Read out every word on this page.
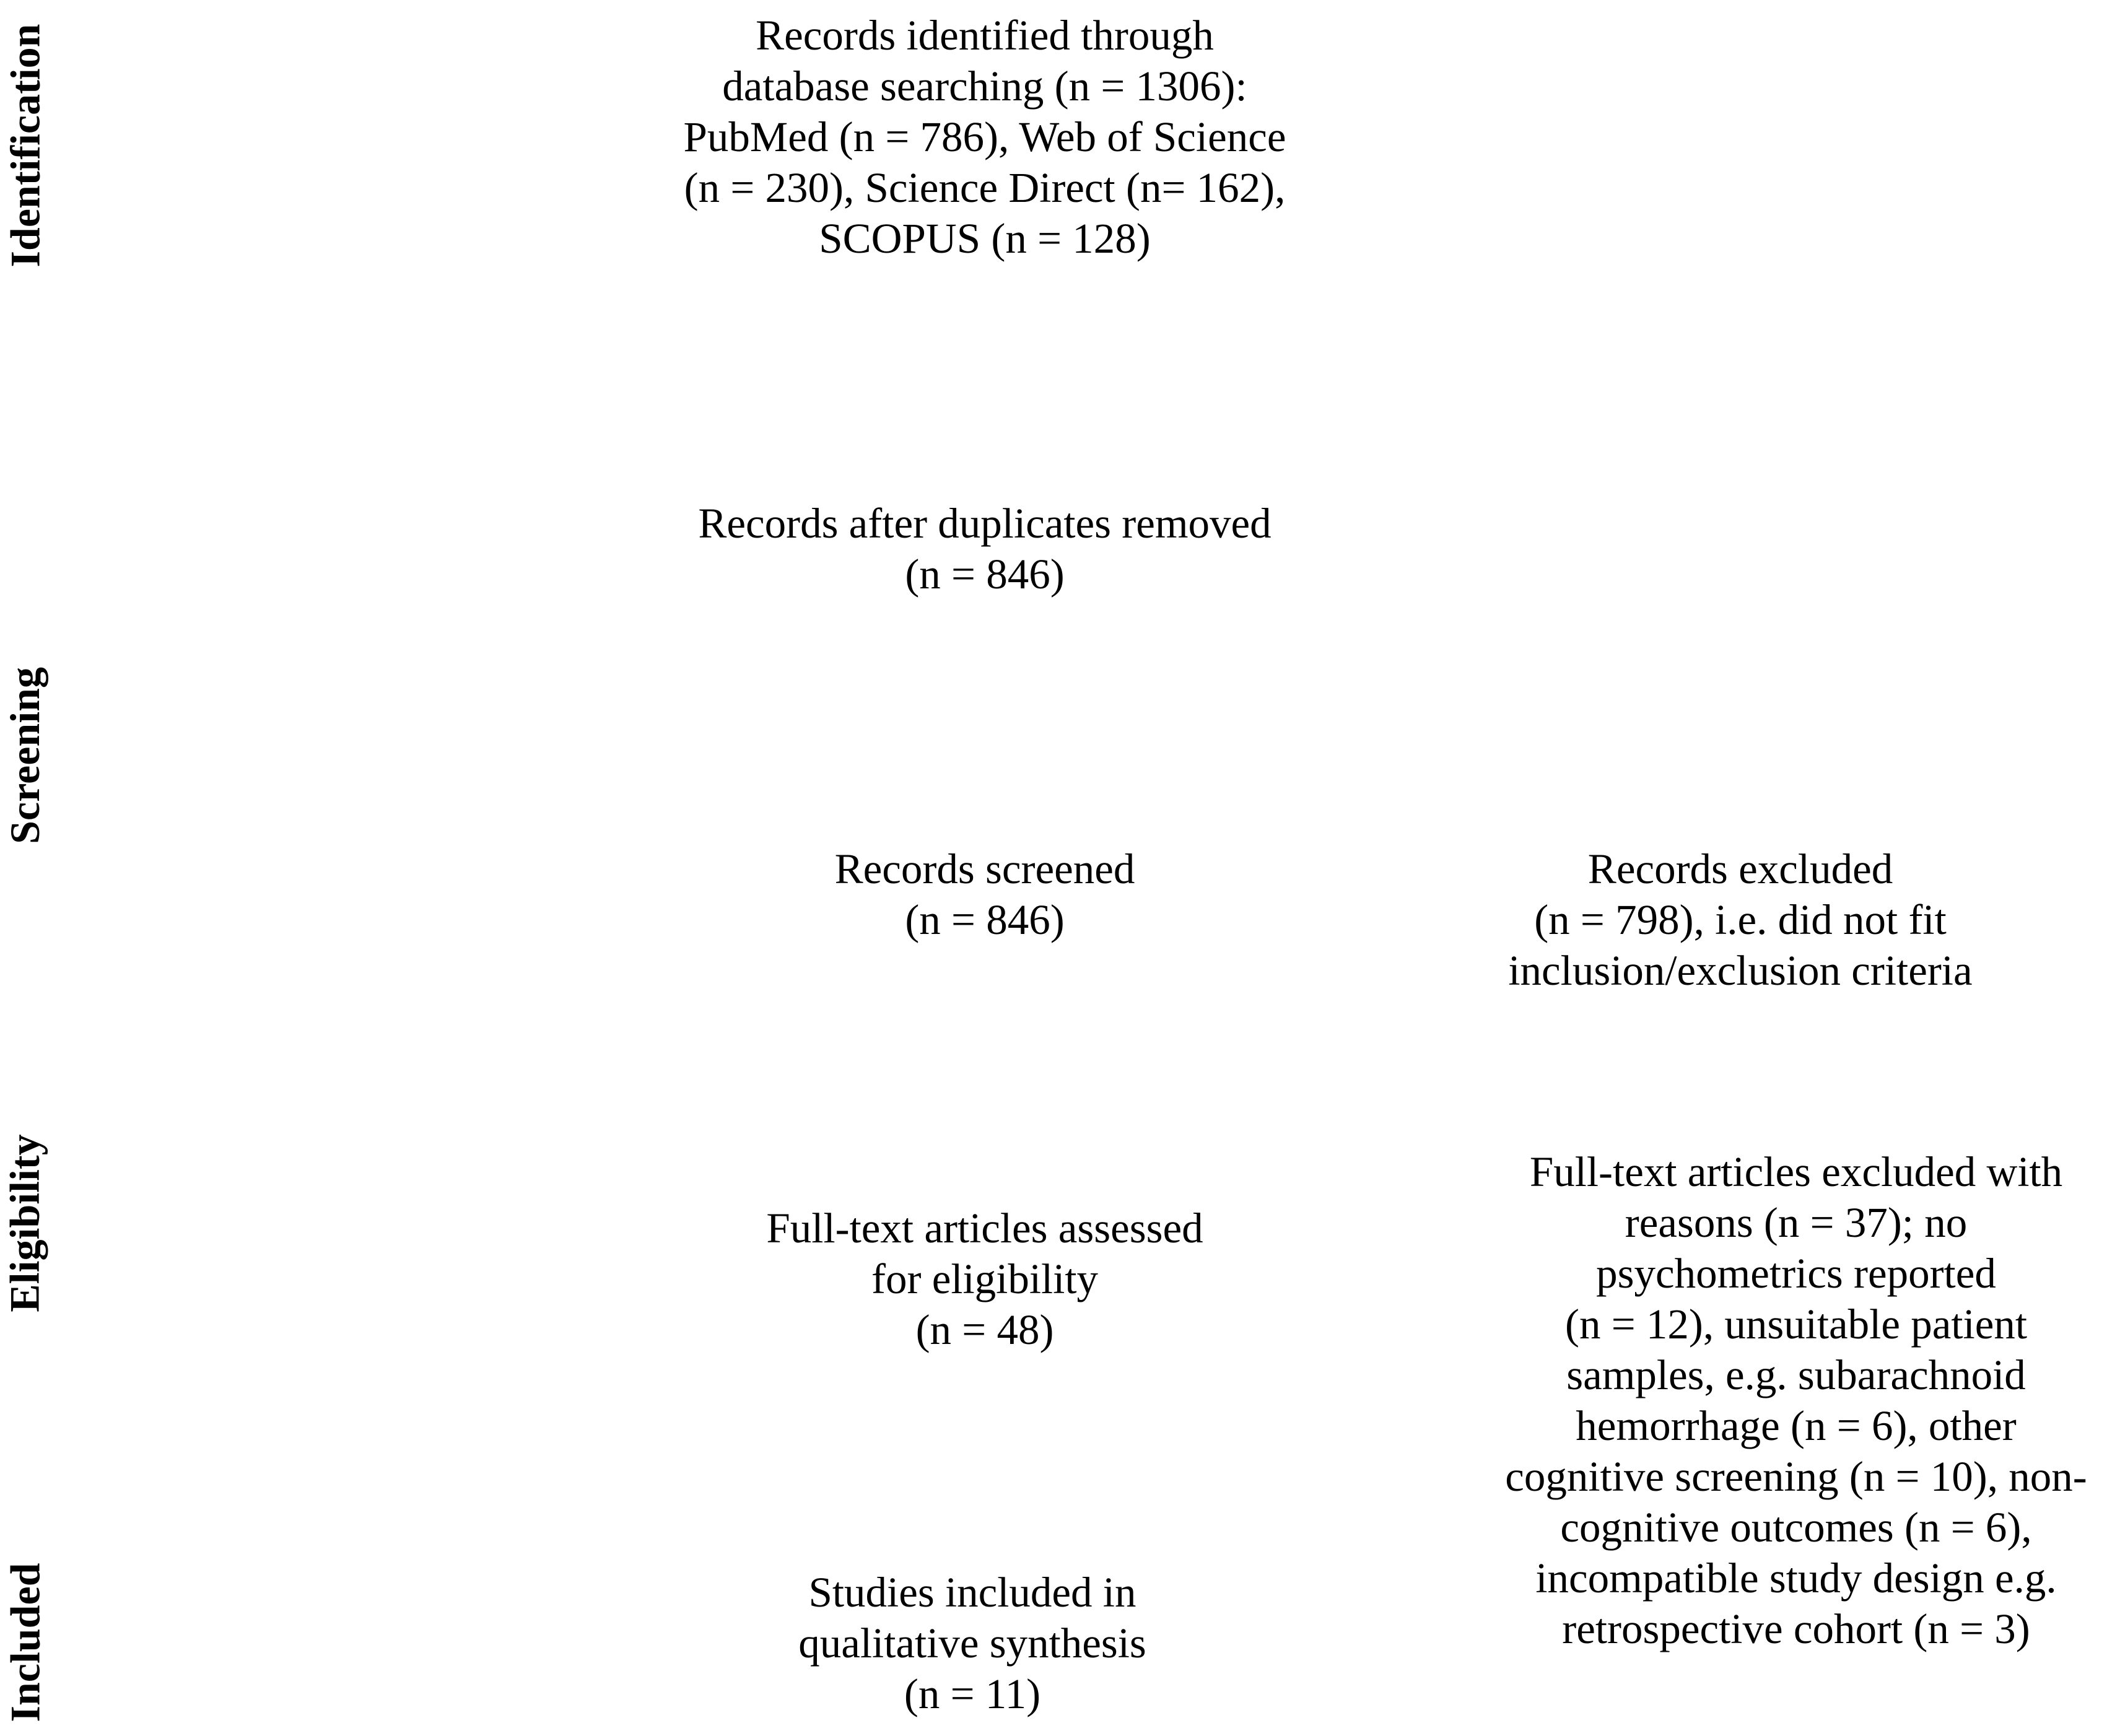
Identification
Screening
Eligibility
Included
Records identified through
database searching (n = 1306):
PubMed (n = 786), Web of Science
(n = 230), Science Direct (n= 162),
SCOPUS (n = 128)
Records after duplicates removed
(n = 846)
Records screened
(n = 846)
Records excluded
(n = 798), i.e. did not fit
inclusion/exclusion criteria
Full-text articles assessed
for eligibility
(n = 48)
Full-text articles excluded with
reasons (n = 37); no
psychometrics reported
(n = 12), unsuitable patient
samples, e.g. subarachnoid
hemorrhage (n = 6), other
cognitive screening (n = 10), non-
cognitive outcomes (n = 6),
incompatible study design e.g.
retrospective cohort (n = 3)
Studies included in
qualitative synthesis
(n = 11)
